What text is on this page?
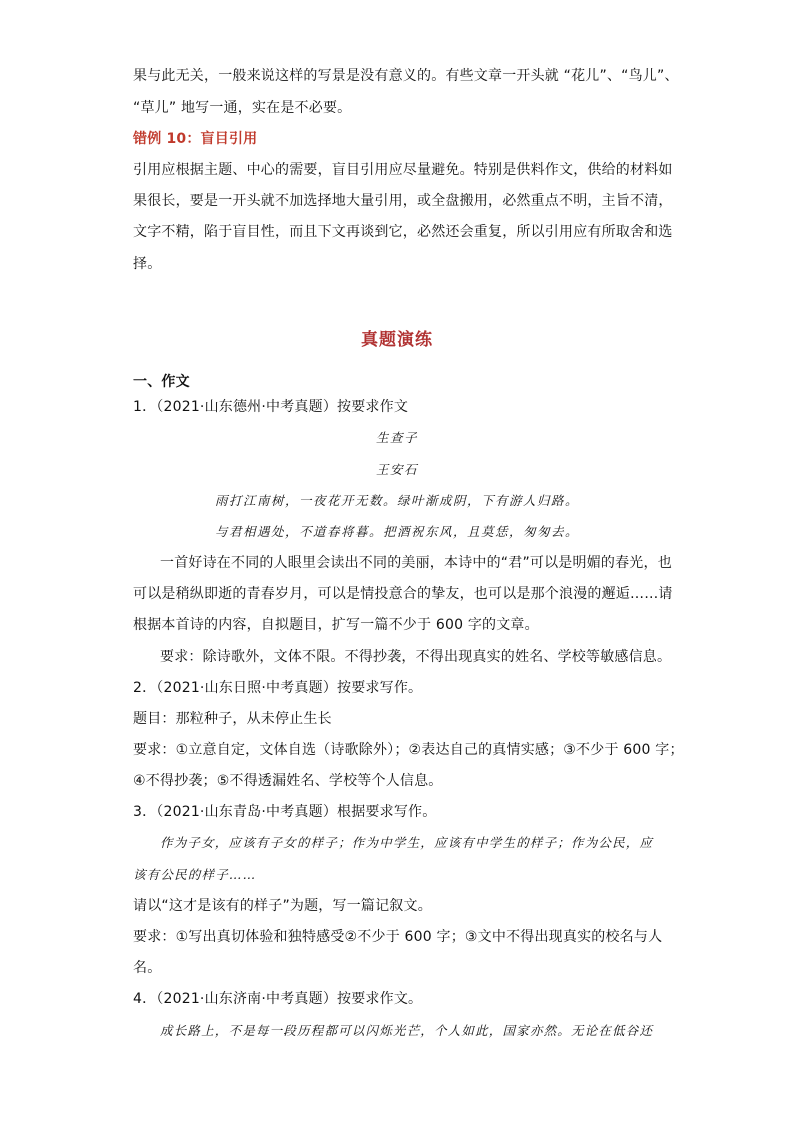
果与此无关，一般来说这样的写景是没有意义的。有些文章一开头就 “花儿”、“鸟儿”、
“草儿” 地写一通，实在是不必要。
错例 10：盲目引用
引用应根据主题、中心的需要，盲目引用应尽量避免。特别是供料作文，供给的材料如
果很长，要是一开头就不加选择地大量引用，或全盘搬用，必然重点不明，主旨不清，
文字不精，陷于盲目性，而且下文再谈到它，必然还会重复，所以引用应有所取舍和选
择。
真题演练
一、作文
1．（2021·山东德州·中考真题）按要求作文
生查子
王安石
雨打江南树，一夜花开无数。绿叶渐成阴，下有游人归路。
与君相遇处，不道春将暮。把酒祝东风，且莫恁，匆匆去。
一首好诗在不同的人眼里会读出不同的美丽，本诗中的“君”可以是明媚的春光，也
可以是稍纵即逝的青春岁月，可以是情投意合的挚友，也可以是那个浪漫的邂逅……请
根据本首诗的内容，自拟题目，扩写一篇不少于 600 字的文章。
要求：除诗歌外，文体不限。不得抄袭，不得出现真实的姓名、学校等敏感信息。
2．（2021·山东日照·中考真题）按要求写作。
题目：那粒种子，从未停止生长
要求：①立意自定，文体自选（诗歌除外）；②表达自己的真情实感；③不少于 600 字；
④不得抄袭；⑤不得透漏姓名、学校等个人信息。
3．（2021·山东青岛·中考真题）根据要求写作。
作为子女，应该有子女的样子；作为中学生，应该有中学生的样子；作为公民，应
该有公民的样子……
请以“这才是该有的样子”为题，写一篇记叙文。
要求：①写出真切体验和独特感受②不少于 600 字；③文中不得出现真实的校名与人
名。
4．（2021·山东济南·中考真题）按要求作文。
成长路上，不是每一段历程都可以闪烁光芒，个人如此，国家亦然。无论在低谷还
